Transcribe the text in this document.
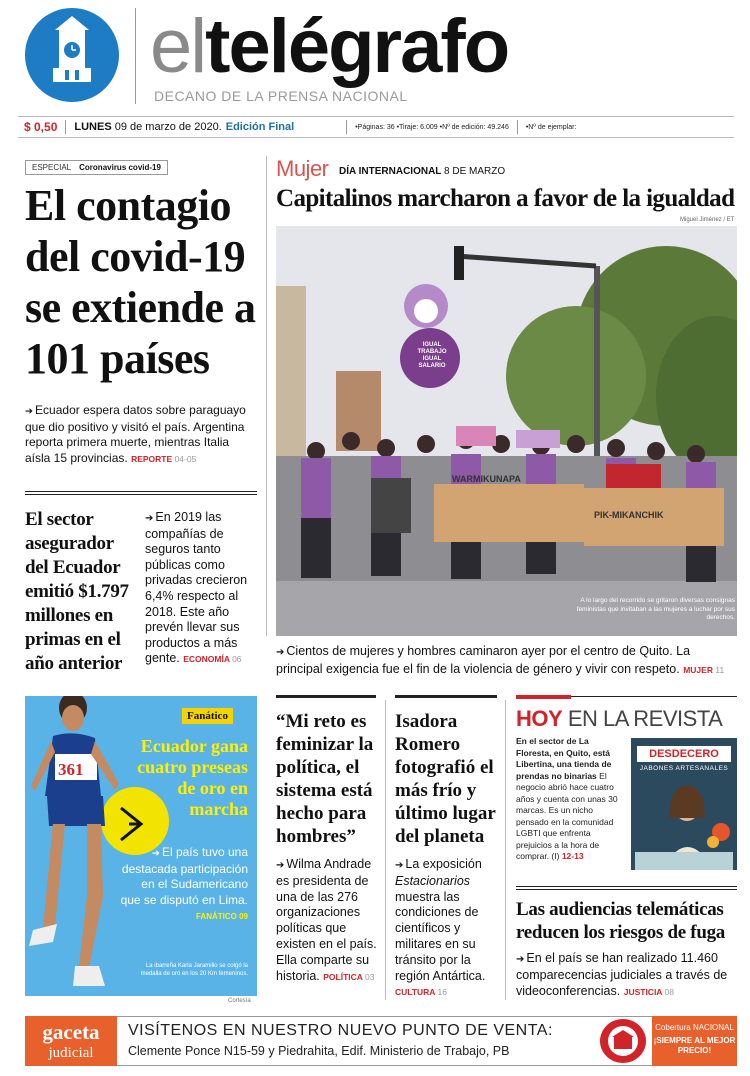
eltelégrafo
DECANO DE LA PRENSA NACIONAL
$ 0,50 LUNES 09 de marzo de 2020. Edición Final	•Páginas: 36 •Tiraje: 6.009 •Nº de edición: 49.246 •Nº de ejemplar:
ESPECIAL Coronavirus covid-19
El contagio del covid-19 se extiende a 101 países
➔ Ecuador espera datos sobre paraguayo que dio positivo y visitó el país. Argentina reporta primera muerte, mientras Italia aísla 15 provincias. REPORTE 04-05
El sector asegurador del Ecuador emitió $1.797 millones en primas en el año anterior
➔ En 2019 las compañías de seguros tanto públicas como privadas crecieron 6,4% respecto al 2018. Este año prevén llevar sus productos a más gente. ECONOMÍA 06
361
Fanático
Ecuador gana cuatro preseas de oro en marcha
➔ El país tuvo una destacada participación en el Sudamericano que se disputó en Lima. FANÁTICO 09
La ibarreña Karla Jaramillo se colgó la medalla de oro en los 20 Km femeninos.
Cortesía
Mujer DÍA INTERNACIONAL 8 DE MARZO
Capitalinos marcharon a favor de la igualdad
Miguel Jiménez / ET
WARMIKUNAPA
PIK-MIKANCHIK
IGUAL TRABAJO IGUAL SALARIO
A lo largo del recorrido se gritaron diversas consignas feministas que invitaban a las mujeres a luchar por sus derechos.
➔ Cientos de mujeres y hombres caminaron ayer por el centro de Quito. La principal exigencia fue el fin de la violencia de género y vivir con respeto. MUJER 11
“Mi reto es feminizar la política, el sistema está hecho para hombres”
➔ Wilma Andrade es presidenta de una de las 276 organizaciones políticas que existen en el país. Ella comparte su historia. POLÍTICA 03
Isadora Romero fotografió el más frío y último lugar del planeta
➔ La exposición Estacionarios muestra las condiciones de científicos y militares en su tránsito por la región Antártica. CULTURA 16
HOY EN LA REVISTA
En el sector de La Floresta, en Quito, está Libertina, una tienda de prendas no binarias El negocio abrió hace cuatro años y cuenta con unas 30 marcas. Es un nicho pensado en la comunidad LGBTI que enfrenta prejuicios a la hora de comprar. (I) 12-13
DESDECERO
JABONES ARTESANALES
Las audiencias telemáticas reducen los riesgos de fuga
➔ En el país se han realizado 11.460 comparecencias judiciales a través de videoconferencias. JUSTICIA 08
gaceta
judicial
VISÍTENOS EN NUESTRO NUEVO PUNTO DE VENTA:
Clemente Ponce N15-59 y Piedrahita, Edif. Ministerio de Trabajo, PB
Cobertura NACIONAL
¡SIEMPRE AL MEJOR PRECIO!
